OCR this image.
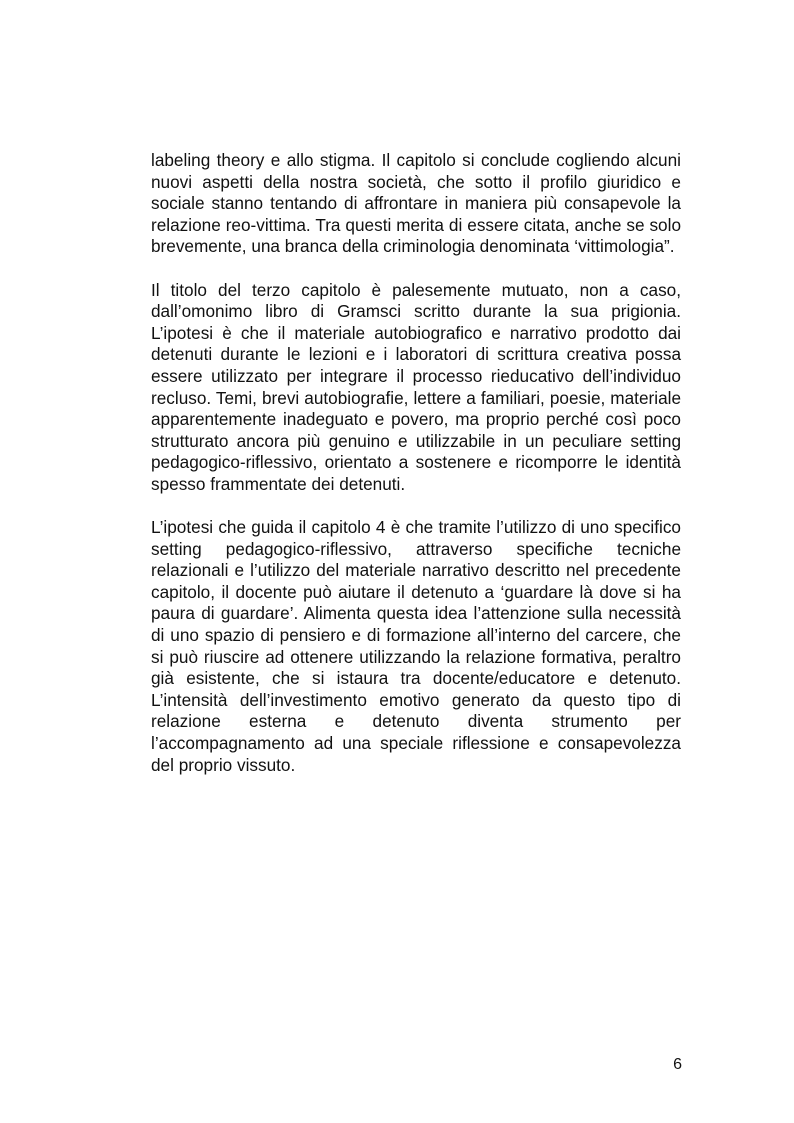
labeling theory e allo stigma. Il capitolo si conclude cogliendo alcuni nuovi aspetti della nostra società, che sotto il profilo giuridico e sociale stanno tentando di affrontare in maniera più consapevole la relazione reo-vittima. Tra questi merita di essere citata, anche se solo brevemente, una branca della criminologia denominata ‘vittimologia”.

Il titolo del terzo capitolo è palesemente mutuato, non a caso, dall’omonimo libro di Gramsci scritto durante la sua prigionia. L’ipotesi è che il materiale autobiografico e narrativo prodotto dai detenuti durante le lezioni e i laboratori di scrittura creativa possa essere utilizzato per integrare il processo rieducativo dell’individuo recluso. Temi, brevi autobiografie, lettere a familiari, poesie, materiale apparentemente inadeguato e povero, ma proprio perché così poco strutturato ancora più genuino e utilizzabile in un peculiare setting pedagogico-riflessivo, orientato a sostenere e ricomporre le identità spesso frammentate dei detenuti.

L’ipotesi che guida il capitolo 4 è che tramite l’utilizzo di uno specifico setting pedagogico-riflessivo, attraverso specifiche tecniche relazionali e l’utilizzo del materiale narrativo descritto nel precedente capitolo, il docente può aiutare il detenuto a ‘guardare là dove si ha paura di guardare’. Alimenta questa idea l’attenzione sulla necessità di uno spazio di pensiero e di formazione all’interno del carcere, che si può riuscire ad ottenere utilizzando la relazione formativa, peraltro già esistente, che si istaura tra docente/educatore e detenuto. L’intensità dell’investimento emotivo generato da questo tipo di relazione esterna e detenuto diventa strumento per l’accompagnamento ad una speciale riflessione e consapevolezza del proprio vissuto.

6
